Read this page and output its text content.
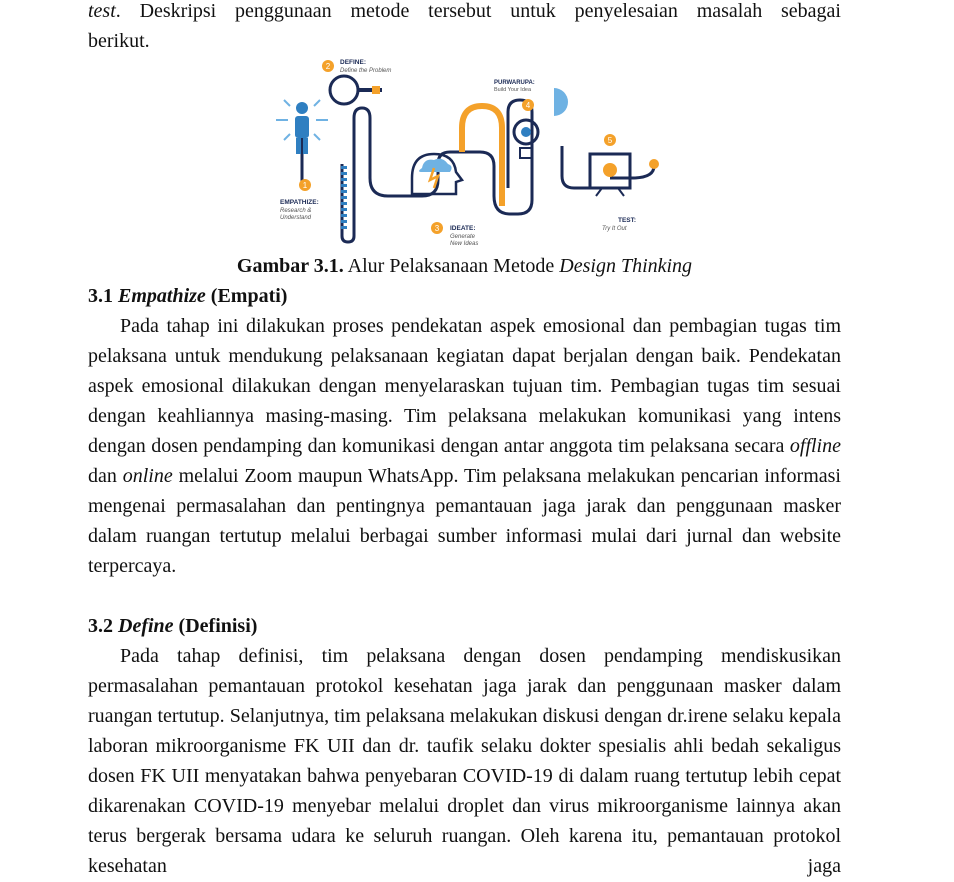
test. Deskripsi penggunaan metode tersebut untuk penyelesaian masalah sebagai

berikut.

1
2
3
4
5
DEFINE:
Define the Problem
PURWARUPA:
Build Your Idea
EMPATHIZE:
Research &
Understand
IDEATE:
Generate
New Ideas
TEST:
Try It Out
Gambar 3.1. Alur Pelaksanaan Metode Design Thinking

3.1 Empathize (Empati)

Pada tahap ini dilakukan proses pendekatan aspek emosional dan pembagian tugas tim pelaksana untuk mendukung pelaksanaan kegiatan dapat berjalan dengan baik. Pendekatan aspek emosional dilakukan dengan menyelaraskan tujuan tim. Pembagian tugas tim sesuai dengan keahliannya masing-masing. Tim pelaksana melakukan komunikasi yang intens dengan dosen pendamping dan komunikasi dengan antar anggota tim pelaksana secara offline dan online melalui Zoom maupun WhatsApp. Tim pelaksana melakukan pencarian informasi mengenai permasalahan dan pentingnya pemantauan jaga jarak dan penggunaan masker dalam ruangan tertutup melalui berbagai sumber informasi mulai dari jurnal dan website terpercaya.

3.2 Define (Definisi)

Pada tahap definisi, tim pelaksana dengan dosen pendamping mendiskusikan permasalahan pemantauan protokol kesehatan jaga jarak dan penggunaan masker dalam ruangan tertutup. Selanjutnya, tim pelaksana melakukan diskusi dengan dr.irene selaku kepala laboran mikroorganisme FK UII dan dr. taufik selaku dokter spesialis ahli bedah sekaligus dosen FK UII menyatakan bahwa penyebaran COVID-19 di dalam ruang tertutup lebih cepat dikarenakan COVID-19 menyebar melalui droplet dan virus mikroorganisme lainnya akan terus bergerak bersama udara ke seluruh ruangan. Oleh karena itu, pemantauan protokol kesehatan jaga
